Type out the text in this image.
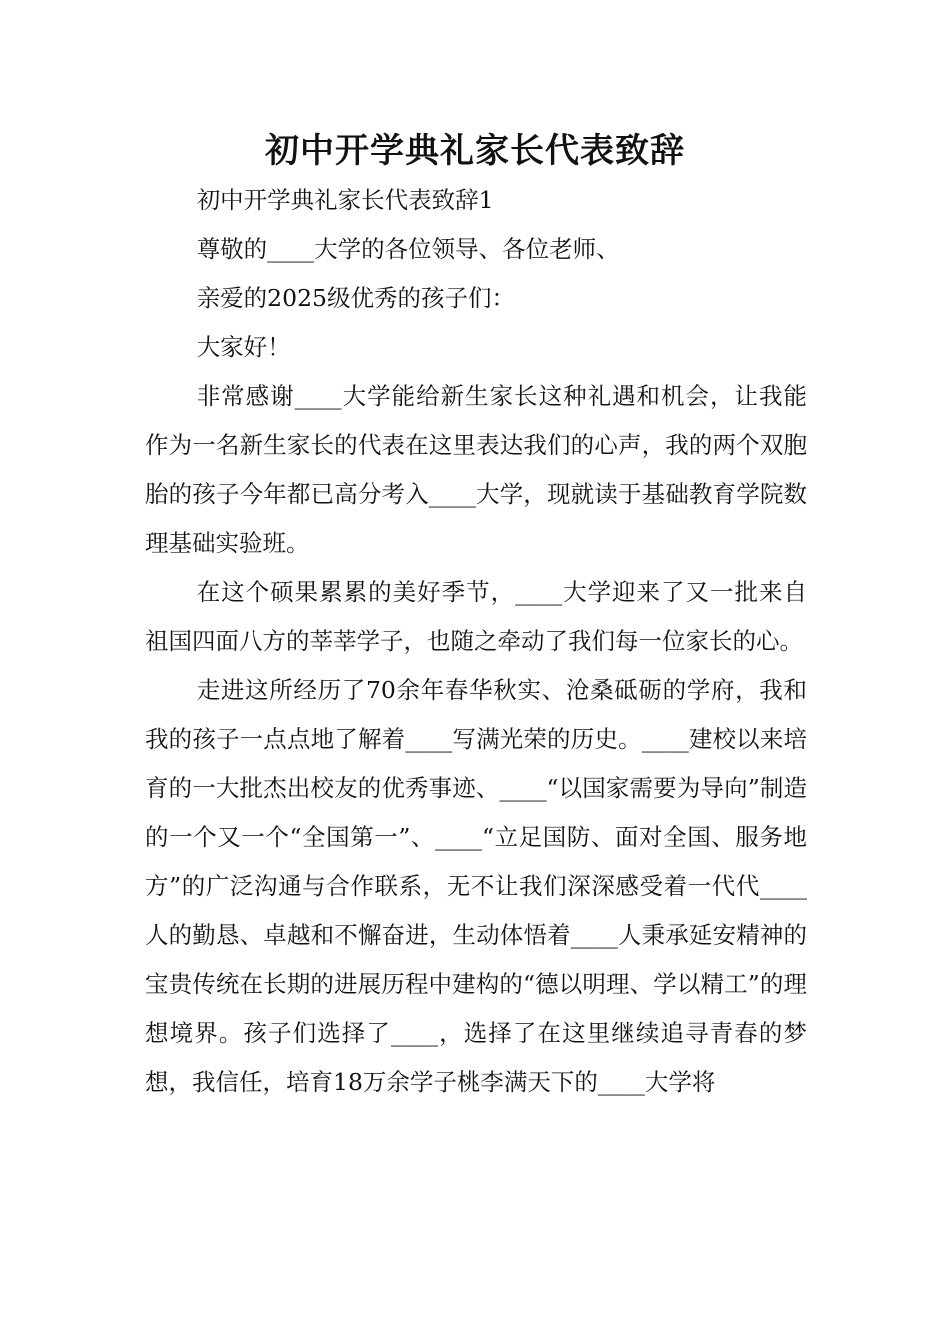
初中开学典礼家长代表致辞

初中开学典礼家长代表致辞1

尊敬的____大学的各位领导、各位老师、

亲爱的2025级优秀的孩子们：

大家好！

非常感谢____大学能给新生家长这种礼遇和机会，让我能作为一名新生家长的代表在这里表达我们的心声，我的两个双胞胎的孩子今年都已高分考入____大学，现就读于基础教育学院数理基础实验班。

在这个硕果累累的美好季节，____大学迎来了又一批来自祖国四面八方的莘莘学子，也随之牵动了我们每一位家长的心。

走进这所经历了70余年春华秋实、沧桑砥砺的学府，我和我的孩子一点点地了解着____写满光荣的历史。____建校以来培育的一大批杰出校友的优秀事迹、____“以国家需要为导向”制造的一个又一个“全国第一”、____“立足国防、面对全国、服务地方”的广泛沟通与合作联系，无不让我们深深感受着一代代____人的勤恳、卓越和不懈奋进，生动体悟着____人秉承延安精神的宝贵传统在长期的进展历程中建构的“德以明理、学以精工”的理想境界。孩子们选择了____，选择了在这里继续追寻青春的梦想，我信任，培育18万余学子桃李满天下的____大学将
